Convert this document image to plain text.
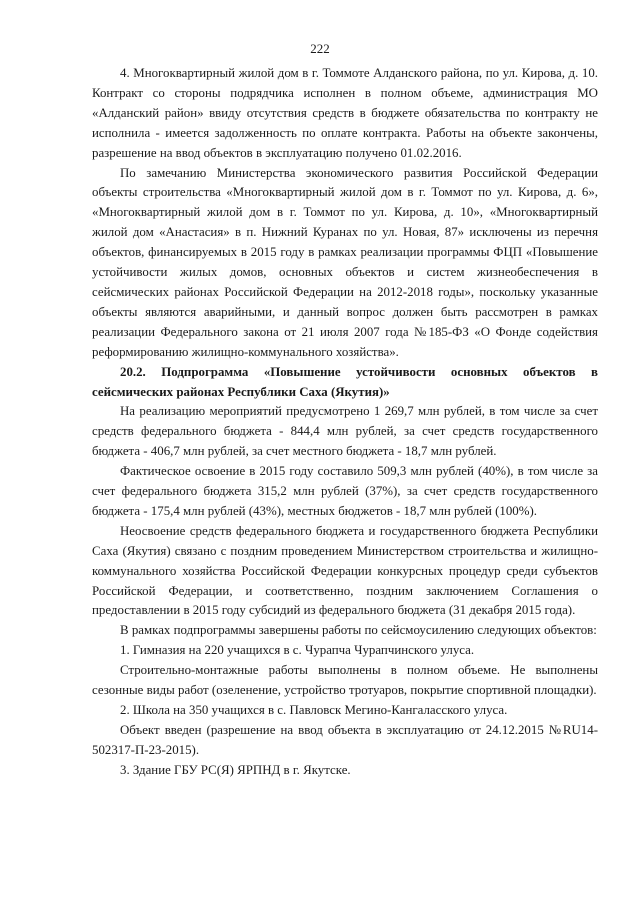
222

4. Многоквартирный жилой дом в г. Томмоте Алданского района, по ул. Кирова, д. 10. Контракт со стороны подрядчика исполнен в полном объеме, администрация МО «Алданский район» ввиду отсутствия средств в бюджете обязательства по контракту не исполнила - имеется задолженность по оплате контракта. Работы на объекте закончены, разрешение на ввод объектов в эксплуатацию получено 01.02.2016.

По замечанию Министерства экономического развития Российской Федерации объекты строительства «Многоквартирный жилой дом в г. Томмот по ул. Кирова, д. 6», «Многоквартирный жилой дом в г. Томмот по ул. Кирова, д. 10», «Многоквартирный жилой дом «Анастасия» в п. Нижний Куранах по ул. Новая, 87» исключены из перечня объектов, финансируемых в 2015 году в рамках реализации программы ФЦП «Повышение устойчивости жилых домов, основных объектов и систем жизнеобеспечения в сейсмических районах Российской Федерации на 2012-2018 годы», поскольку указанные объекты являются аварийными, и данный вопрос должен быть рассмотрен в рамках реализации Федерального закона от 21 июля 2007 года №185-ФЗ «О Фонде содействия реформированию жилищно-коммунального хозяйства».

20.2. Подпрограмма «Повышение устойчивости основных объектов в сейсмических районах Республики Саха (Якутия)»

На реализацию мероприятий предусмотрено 1 269,7 млн рублей, в том числе за счет средств федерального бюджета - 844,4 млн рублей, за счет средств государственного бюджета - 406,7 млн рублей, за счет местного бюджета - 18,7 млн рублей.

Фактическое освоение в 2015 году составило 509,3 млн рублей (40%), в том числе за счет федерального бюджета 315,2 млн рублей (37%), за счет средств государственного бюджета - 175,4 млн рублей (43%), местных бюджетов - 18,7 млн рублей (100%).

Неосвоение средств федерального бюджета и государственного бюджета Республики Саха (Якутия) связано с поздним проведением Министерством строительства и жилищно-коммунального хозяйства Российской Федерации конкурсных процедур среди субъектов Российской Федерации, и соответственно, поздним заключением Соглашения о предоставлении в 2015 году субсидий из федерального бюджета (31 декабря 2015 года).

В рамках подпрограммы завершены работы по сейсмоусилению следующих объектов:

1. Гимназия на 220 учащихся в с. Чурапча Чурапчинского улуса.

Строительно-монтажные работы выполнены в полном объеме. Не выполнены сезонные виды работ (озеленение, устройство тротуаров, покрытие спортивной площадки).

2. Школа на 350 учащихся в с. Павловск Мегино-Кангаласского улуса.

Объект введен (разрешение на ввод объекта в эксплуатацию от 24.12.2015 №RU14-502317-П-23-2015).

3. Здание ГБУ РС(Я) ЯРПНД в г. Якутске.
